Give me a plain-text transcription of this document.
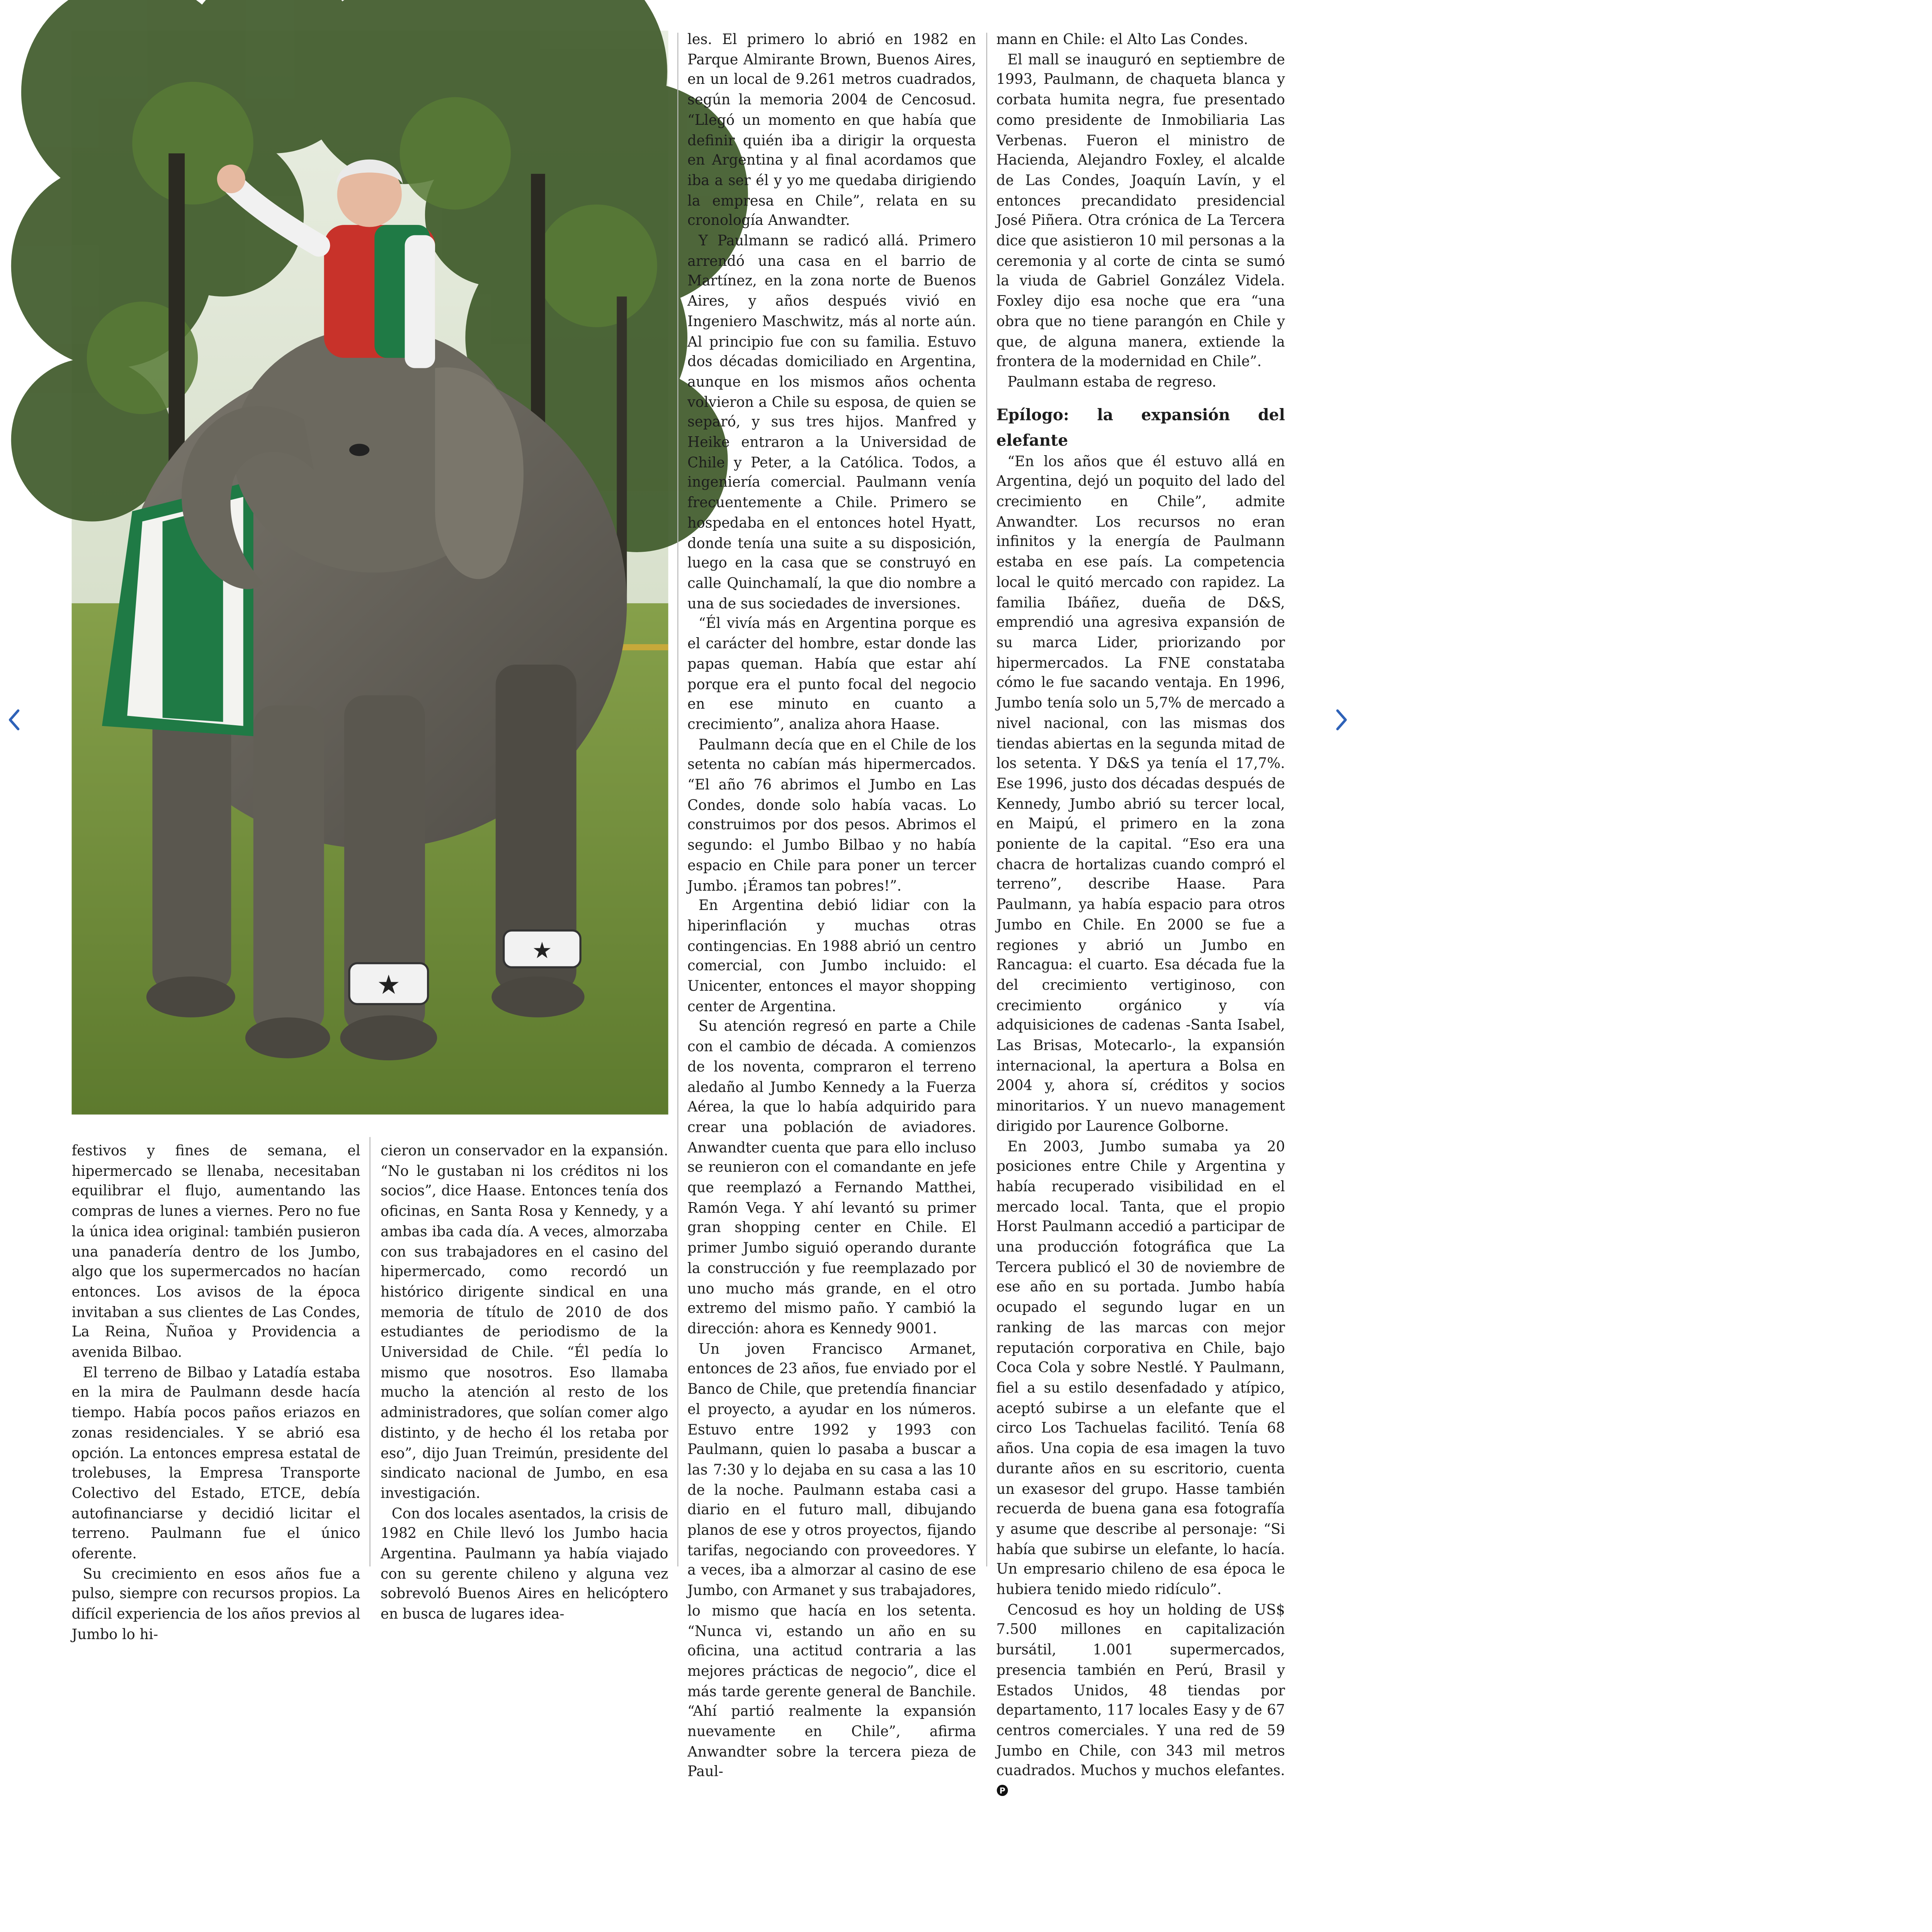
★
★

festivos y fines de semana, el hipermercado se llenaba, necesitaban equilibrar el flujo, aumentando las compras de lunes a viernes. Pero no fue la única idea original: también pusieron una panadería dentro de los Jumbo, algo que los supermercados no hacían entonces. Los avisos de la época invitaban a sus clientes de Las Condes, La Reina, Ñuñoa y Providencia a avenida Bilbao.

El terreno de Bilbao y Latadía estaba en la mira de Paulmann desde hacía tiempo. Había pocos paños eriazos en zonas residenciales. Y se abrió esa opción. La entonces empresa estatal de trolebuses, la Empresa Transporte Colectivo del Estado, ETCE, debía autofinanciarse y decidió licitar el terreno. Paulmann fue el único oferente.

Su crecimiento en esos años fue a pulso, siempre con recursos propios. La difícil experiencia de los años previos al Jumbo lo hi-

cieron un conservador en la expansión. “No le gustaban ni los créditos ni los socios”, dice Haase. Entonces tenía dos oficinas, en Santa Rosa y Kennedy, y a ambas iba cada día. A veces, almorzaba con sus trabajadores en el casino del hipermercado, como recordó un histórico dirigente sindical en una memoria de título de 2010 de dos estudiantes de periodismo de la Universidad de Chile. “Él pedía lo mismo que nosotros. Eso llamaba mucho la atención al resto de los administradores, que solían comer algo distinto, y de hecho él los retaba por eso”, dijo Juan Treimún, presidente del sindicato nacional de Jumbo, en esa investigación.

Con dos locales asentados, la crisis de 1982 en Chile llevó los Jumbo hacia Argentina. Paulmann ya había viajado con su gerente chileno y alguna vez sobrevoló Buenos Aires en helicóptero en busca de lugares idea-

les. El primero lo abrió en 1982 en Parque Almirante Brown, Buenos Aires, en un local de 9.261 metros cuadrados, según la memoria 2004 de Cencosud. “Llegó un momento en que había que definir quién iba a dirigir la orquesta en Argentina y al final acordamos que iba a ser él y yo me quedaba dirigiendo la empresa en Chile”, relata en su cronología Anwandter.

Y Paulmann se radicó allá. Primero arrendó una casa en el barrio de Martínez, en la zona norte de Buenos Aires, y años después vivió en Ingeniero Maschwitz, más al norte aún. Al principio fue con su familia. Estuvo dos décadas domiciliado en Argentina, aunque en los mismos años ochenta volvieron a Chile su esposa, de quien se separó, y sus tres hijos. Manfred y Heike entraron a la Universidad de Chile y Peter, a la Católica. Todos, a ingeniería comercial. Paulmann venía frecuentemente a Chile. Primero se hospedaba en el entonces hotel Hyatt, donde tenía una suite a su disposición, luego en la casa que se construyó en calle Quinchamalí, la que dio nombre a una de sus sociedades de inversiones.

“Él vivía más en Argentina porque es el carácter del hombre, estar donde las papas queman. Había que estar ahí porque era el punto focal del negocio en ese minuto en cuanto a crecimiento”, analiza ahora Haase.

Paulmann decía que en el Chile de los setenta no cabían más hipermercados. “El año 76 abrimos el Jumbo en Las Condes, donde solo había vacas. Lo construimos por dos pesos. Abrimos el segundo: el Jumbo Bilbao y no había espacio en Chile para poner un tercer Jumbo. ¡Éramos tan pobres!”.

En Argentina debió lidiar con la hiperinflación y muchas otras contingencias. En 1988 abrió un centro comercial, con Jumbo incluido: el Unicenter, entonces el mayor shopping center de Argentina.

Su atención regresó en parte a Chile con el cambio de década. A comienzos de los noventa, compraron el terreno aledaño al Jumbo Kennedy a la Fuerza Aérea, la que lo había adquirido para crear una población de aviadores. Anwandter cuenta que para ello incluso se reunieron con el comandante en jefe que reemplazó a Fernando Matthei, Ramón Vega. Y ahí levantó su primer gran shopping center en Chile. El primer Jumbo siguió operando durante la construcción y fue reemplazado por uno mucho más grande, en el otro extremo del mismo paño. Y cambió la dirección: ahora es Kennedy 9001.

Un joven Francisco Armanet, entonces de 23 años, fue enviado por el Banco de Chile, que pretendía financiar el proyecto, a ayudar en los números. Estuvo entre 1992 y 1993 con Paulmann, quien lo pasaba a buscar a las 7:30 y lo dejaba en su casa a las 10 de la noche. Paulmann estaba casi a diario en el futuro mall, dibujando planos de ese y otros proyectos, fijando tarifas, negociando con proveedores. Y a veces, iba a almorzar al casino de ese Jumbo, con Armanet y sus trabajadores, lo mismo que hacía en los setenta. “Nunca vi, estando un año en su oficina, una actitud contraria a las mejores prácticas de negocio”, dice el más tarde gerente general de Banchile. “Ahí partió realmente la expansión nuevamente en Chile”, afirma Anwandter sobre la tercera pieza de Paul-

mann en Chile: el Alto Las Condes.

El mall se inauguró en septiembre de 1993, Paulmann, de chaqueta blanca y corbata humita negra, fue presentado como presidente de Inmobiliaria Las Verbenas. Fueron el ministro de Hacienda, Alejandro Foxley, el alcalde de Las Condes, Joaquín Lavín, y el entonces precandidato presidencial José Piñera. Otra crónica de La Tercera dice que asistieron 10 mil personas a la ceremonia y al corte de cinta se sumó la viuda de Gabriel González Videla. Foxley dijo esa noche que era “una obra que no tiene parangón en Chile y que, de alguna manera, extiende la frontera de la modernidad en Chile”.

Paulmann estaba de regreso.

Epílogo: la expansión del elefante

“En los años que él estuvo allá en Argentina, dejó un poquito del lado del crecimiento en Chile”, admite Anwandter. Los recursos no eran infinitos y la energía de Paulmann estaba en ese país. La competencia local le quitó mercado con rapidez. La familia Ibáñez, dueña de D&S, emprendió una agresiva expansión de su marca Lider, priorizando por hipermercados. La FNE constataba cómo le fue sacando ventaja. En 1996, Jumbo tenía solo un 5,7% de mercado a nivel nacional, con las mismas dos tiendas abiertas en la segunda mitad de los setenta. Y D&S ya tenía el 17,7%. Ese 1996, justo dos décadas después de Kennedy, Jumbo abrió su tercer local, en Maipú, el primero en la zona poniente de la capital. “Eso era una chacra de hortalizas cuando compró el terreno”, describe Haase. Para Paulmann, ya había espacio para otros Jumbo en Chile. En 2000 se fue a regiones y abrió un Jumbo en Rancagua: el cuarto. Esa década fue la del crecimiento vertiginoso, con crecimiento orgánico y vía adquisiciones de cadenas -Santa Isabel, Las Brisas, Motecarlo-, la expansión internacional, la apertura a Bolsa en 2004 y, ahora sí, créditos y socios minoritarios. Y un nuevo management dirigido por Laurence Golborne.

En 2003, Jumbo sumaba ya 20 posiciones entre Chile y Argentina y había recuperado visibilidad en el mercado local. Tanta, que el propio Horst Paulmann accedió a participar de una producción fotográfica que La Tercera publicó el 30 de noviembre de ese año en su portada. Jumbo había ocupado el segundo lugar en un ranking de las marcas con mejor reputación corporativa en Chile, bajo Coca Cola y sobre Nestlé. Y Paulmann, fiel a su estilo desenfadado y atípico, aceptó subirse a un elefante que el circo Los Tachuelas facilitó. Tenía 68 años. Una copia de esa imagen la tuvo durante años en su escritorio, cuenta un exasesor del grupo. Hasse también recuerda de buena gana esa fotografía y asume que describe al personaje: “Si había que subirse un elefante, lo hacía. Un empresario chileno de esa época le hubiera tenido miedo ridículo”.

Cencosud es hoy un holding de US$ 7.500 millones en capitalización bursátil, 1.001 supermercados, presencia también en Perú, Brasil y Estados Unidos, 48 tiendas por departamento, 117 locales Easy y de 67 centros comerciales. Y una red de 59 Jumbo en Chile, con 343 mil metros cuadrados. Muchos y muchos elefantes.
P
